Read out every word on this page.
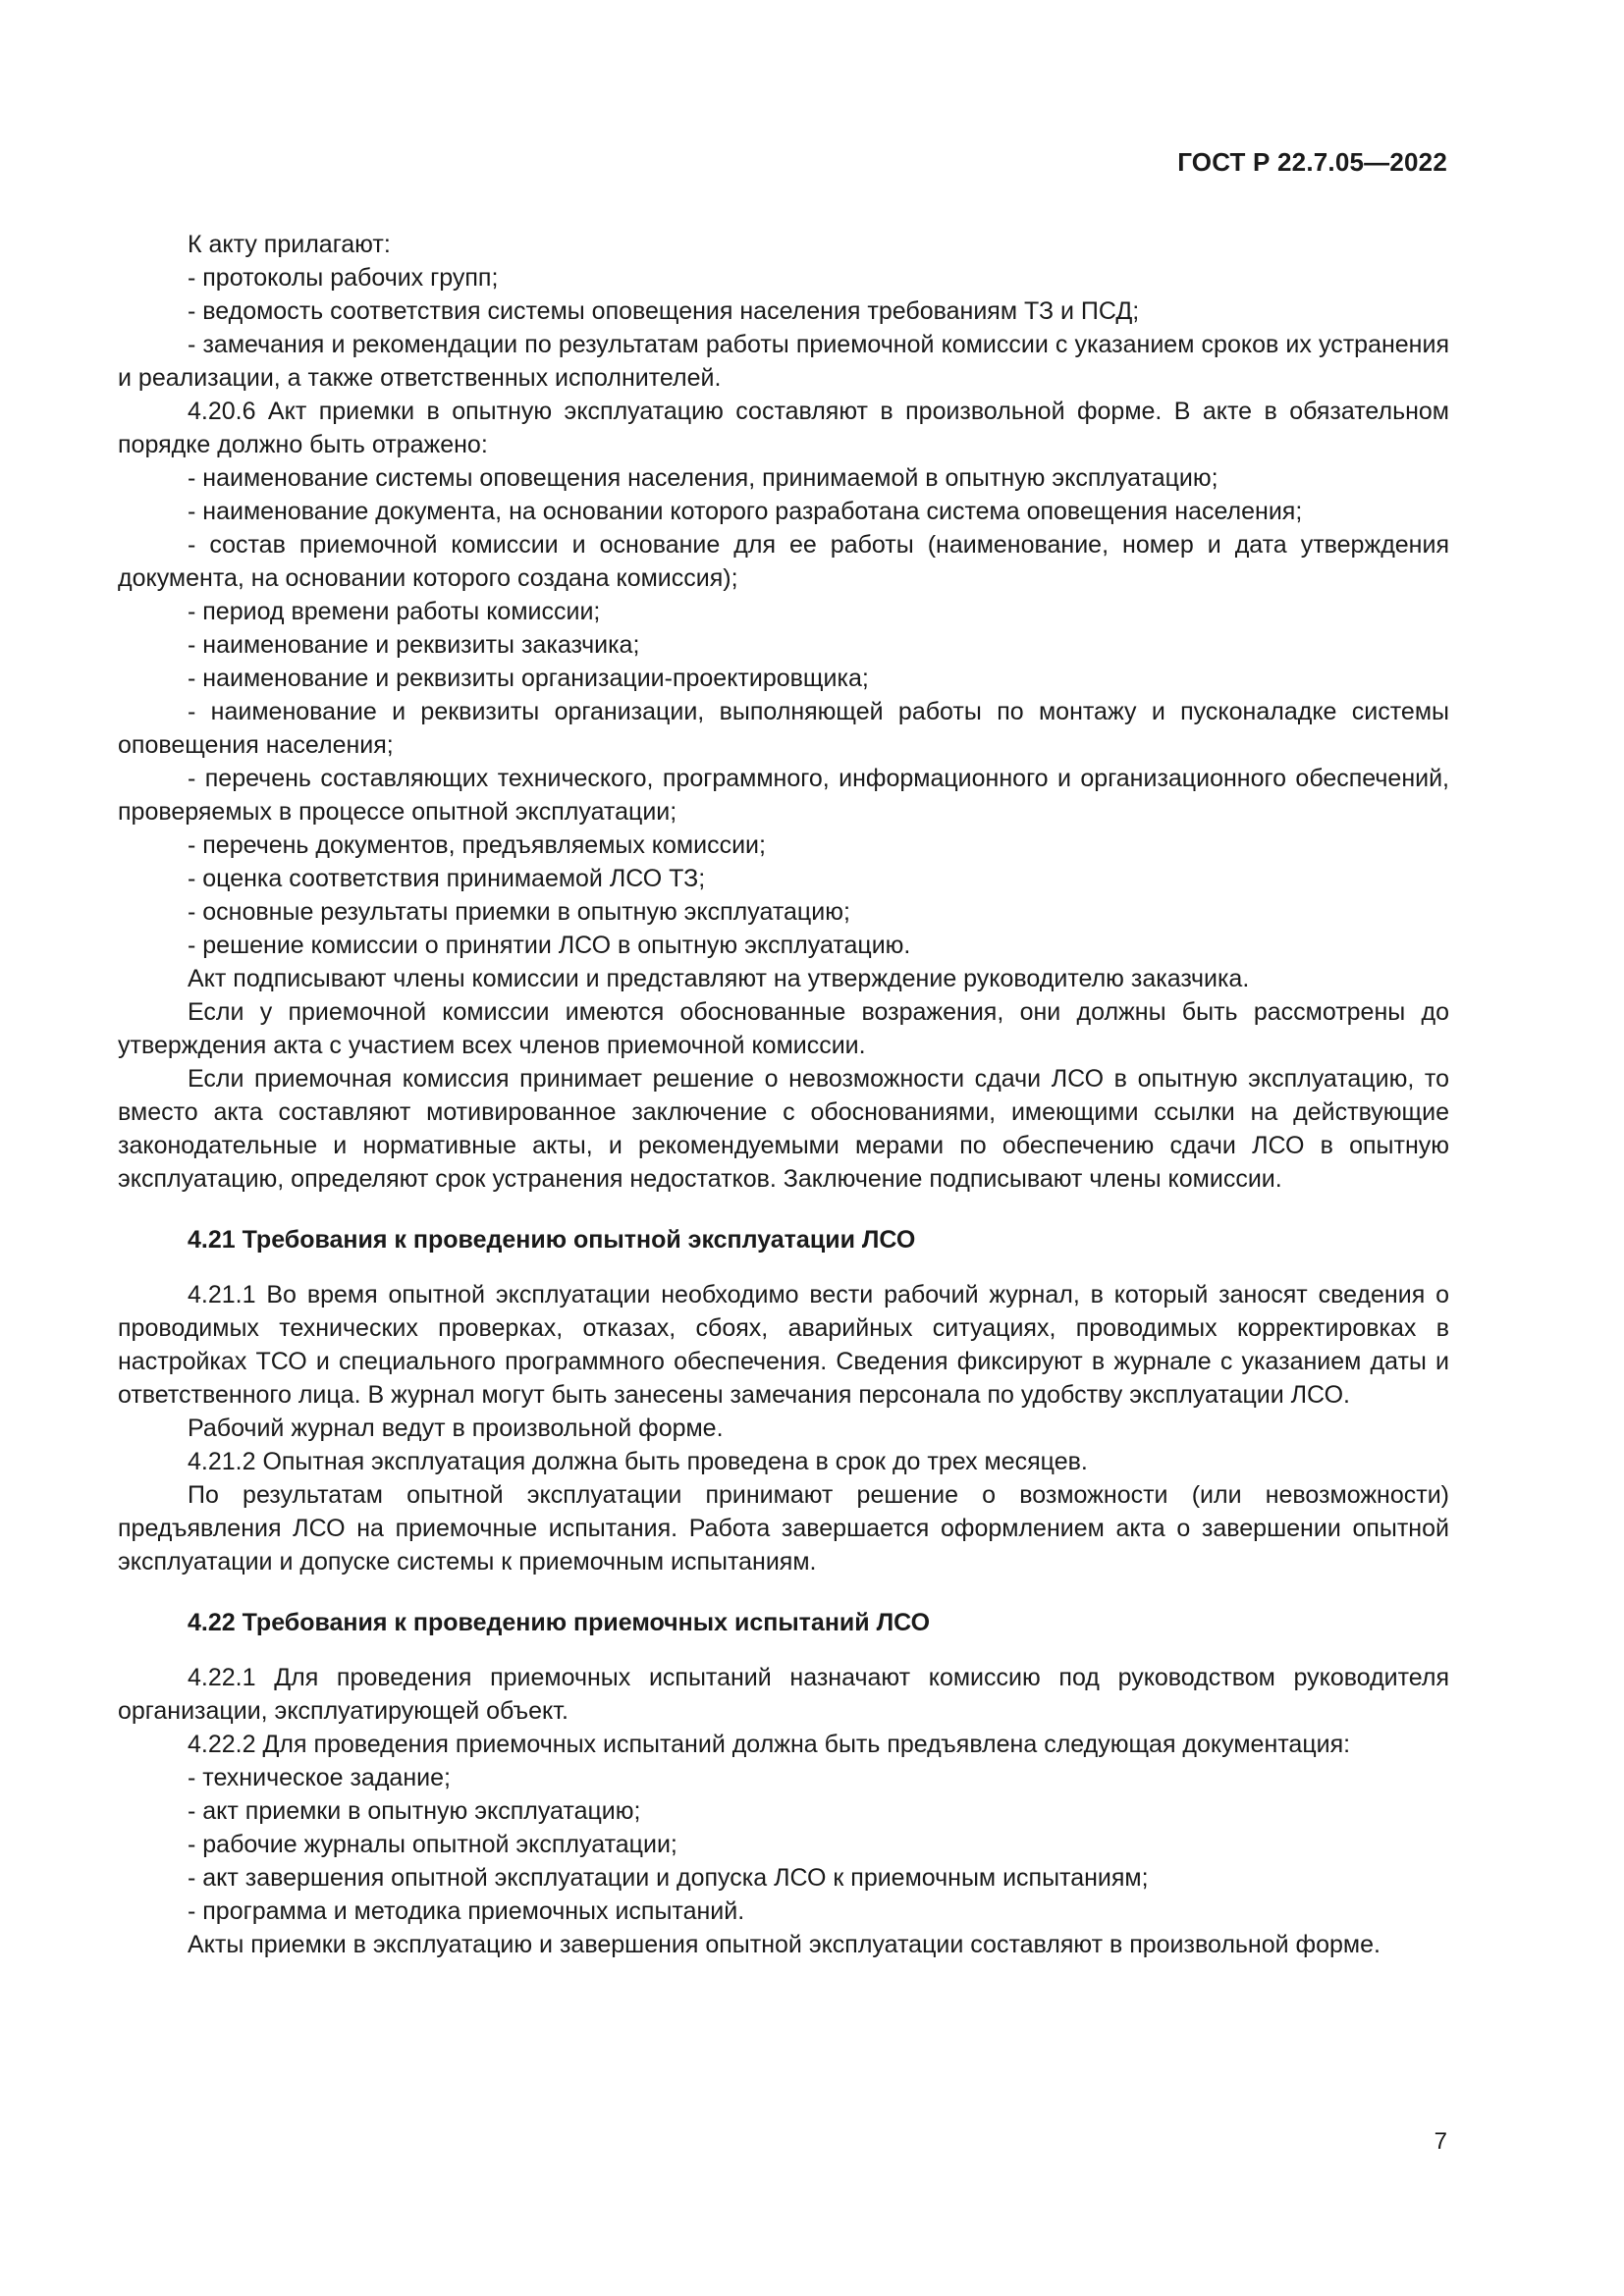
ГОСТ Р 22.7.05—2022

К акту прилагают:

- протоколы рабочих групп;

- ведомость соответствия системы оповещения населения требованиям ТЗ и ПСД;

- замечания и рекомендации по результатам работы приемочной комиссии с указанием сроков их устранения и реализации, а также ответственных исполнителей.

4.20.6 Акт приемки в опытную эксплуатацию составляют в произвольной форме. В акте в обязательном порядке должно быть отражено:

- наименование системы оповещения населения, принимаемой в опытную эксплуатацию;

- наименование документа, на основании которого разработана система оповещения населения;

- состав приемочной комиссии и основание для ее работы (наименование, номер и дата утверждения документа, на основании которого создана комиссия);

- период времени работы комиссии;

- наименование и реквизиты заказчика;

- наименование и реквизиты организации-проектировщика;

- наименование и реквизиты организации, выполняющей работы по монтажу и пусконаладке системы оповещения населения;

- перечень составляющих технического, программного, информационного и организационного обеспечений, проверяемых в процессе опытной эксплуатации;

- перечень документов, предъявляемых комиссии;

- оценка соответствия принимаемой ЛСО ТЗ;

- основные результаты приемки в опытную эксплуатацию;

- решение комиссии о принятии ЛСО в опытную эксплуатацию.

Акт подписывают члены комиссии и представляют на утверждение руководителю заказчика.

Если у приемочной комиссии имеются обоснованные возражения, они должны быть рассмотрены до утверждения акта с участием всех членов приемочной комиссии.

Если приемочная комиссия принимает решение о невозможности сдачи ЛСО в опытную эксплуатацию, то вместо акта составляют мотивированное заключение с обоснованиями, имеющими ссылки на действующие законодательные и нормативные акты, и рекомендуемыми мерами по обеспечению сдачи ЛСО в опытную эксплуатацию, определяют срок устранения недостатков. Заключение подписывают члены комиссии.

4.21 Требования к проведению опытной эксплуатации ЛСО

4.21.1 Во время опытной эксплуатации необходимо вести рабочий журнал, в который заносят сведения о проводимых технических проверках, отказах, сбоях, аварийных ситуациях, проводимых корректировках в настройках ТСО и специального программного обеспечения. Сведения фиксируют в журнале с указанием даты и ответственного лица. В журнал могут быть занесены замечания персонала по удобству эксплуатации ЛСО.

Рабочий журнал ведут в произвольной форме.

4.21.2 Опытная эксплуатация должна быть проведена в срок до трех месяцев.

По результатам опытной эксплуатации принимают решение о возможности (или невозможности) предъявления ЛСО на приемочные испытания. Работа завершается оформлением акта о завершении опытной эксплуатации и допуске системы к приемочным испытаниям.

4.22 Требования к проведению приемочных испытаний ЛСО

4.22.1 Для проведения приемочных испытаний назначают комиссию под руководством руководителя организации, эксплуатирующей объект.

4.22.2 Для проведения приемочных испытаний должна быть предъявлена следующая документация:

- техническое задание;

- акт приемки в опытную эксплуатацию;

- рабочие журналы опытной эксплуатации;

- акт завершения опытной эксплуатации и допуска ЛСО к приемочным испытаниям;

- программа и методика приемочных испытаний.

Акты приемки в эксплуатацию и завершения опытной эксплуатации составляют в произвольной форме.

7
